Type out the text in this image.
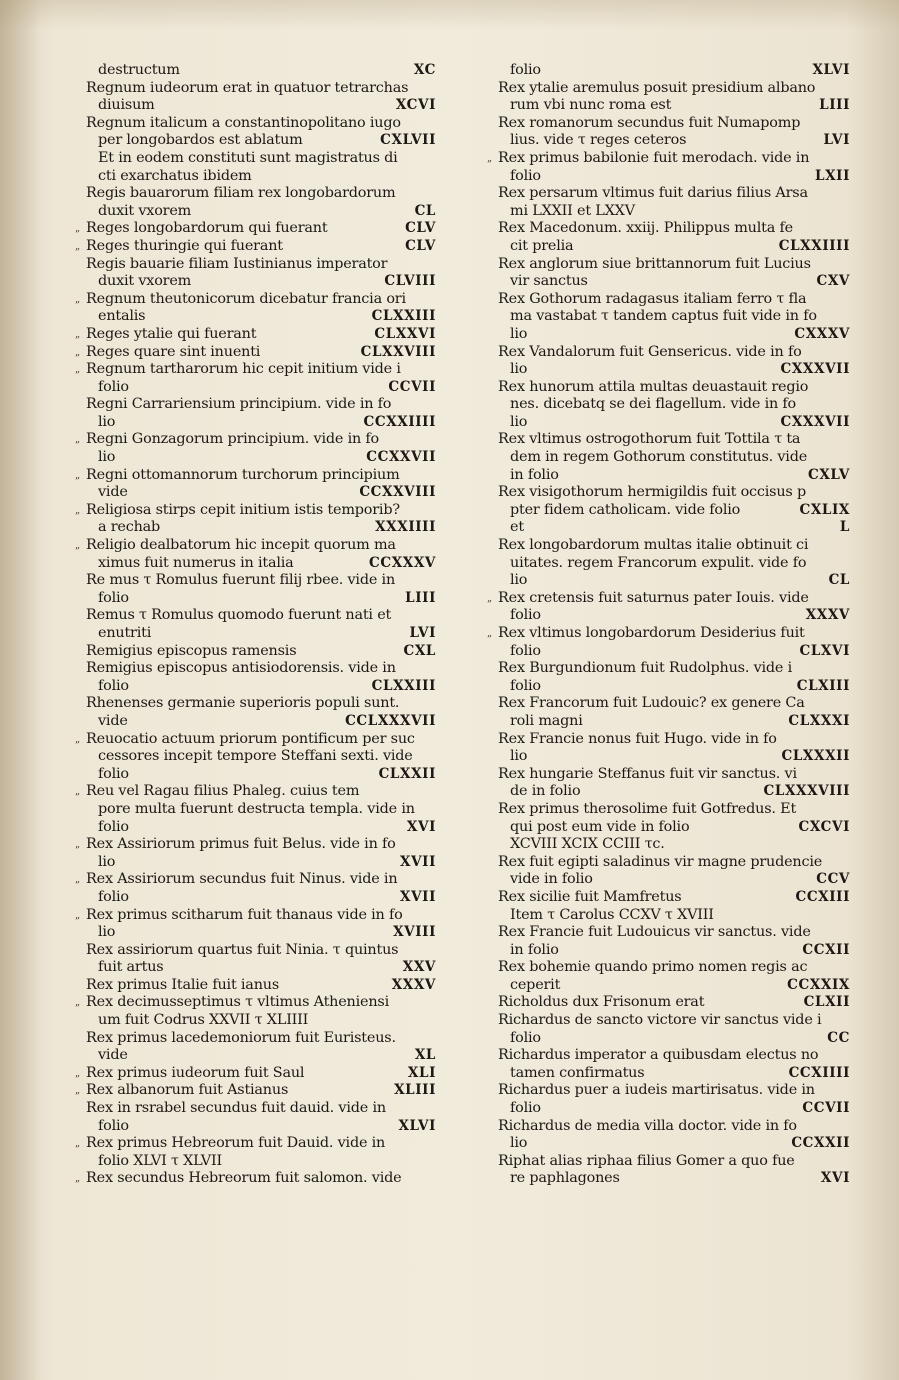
destructum	XC
Regnum iudeorum erat in quatuor tetrarchas
diuisum	XCVI
Regnum italicum a constantinopolitano iugo
per longobardos est ablatum	CXLVII
Et in eodem constituti sunt magistratus di
cti exarchatus ibidem
Regis bauarorum filiam rex longobardorum
duxit vxorem	CL
„ Reges longobardorum qui fuerant	CLV
„ Reges thuringie qui fuerant	CLV
Regis bauarie filiam Iustinianus imperator
duxit vxorem	CLVIII
„ Regnum theutonicorum dicebatur francia ori
entalis	CLXXIII
„ Reges ytalie qui fuerant	CLXXVI
„ Reges quare sint inuenti	CLXXVIII
„ Regnum tartharorum hic cepit initium vide i
folio	CCVII
Regni Carrariensium principium. vide in fo
lio	CCXXIIII
„ Regni Gonzagorum principium. vide in fo
lio	CCXXVII
„ Regni ottomannorum turchorum principium
vide	CCXXVIII
„ Religiosa stirps cepit initium istis temporib?
a rechab	XXXIIII
„ Religio dealbatorum hic incepit quorum ma
ximus fuit numerus in italia	CCXXXV
Re mus τ Romulus fuerunt filij rbee. vide in
folio	LIII
Remus τ Romulus quomodo fuerunt nati et
enutriti	LVI
Remigius episcopus ramensis	CXL
Remigius episcopus antisiodorensis. vide in
folio	CLXXIII
Rhenenses germanie superioris populi sunt.
vide	CCLXXXVII
„ Reuocatio actuum priorum pontificum per suc
cessores incepit tempore Steffani sexti. vide
folio	CLXXII
„ Reu vel Ragau filius Phaleg. cuius tem
pore multa fuerunt destructa templa. vide in
folio	XVI
„ Rex Assiriorum primus fuit Belus. vide in fo
lio	XVII
„ Rex Assiriorum secundus fuit Ninus. vide in
folio	XVII
„ Rex primus scitharum fuit thanaus vide in fo
lio	XVIII
Rex assiriorum quartus fuit Ninia. τ quintus
fuit artus	XXV
Rex primus Italie fuit ianus	XXXV
„ Rex decimusseptimus τ vltimus Atheniensi
um fuit Codrus XXVII τ XLIIII
Rex primus lacedemoniorum fuit Euristeus.
vide	XL
„ Rex primus iudeorum fuit Saul	XLI
„ Rex albanorum fuit Astianus	XLIII
Rex in rsrabel secundus fuit dauid. vide in
folio	XLVI
„ Rex primus Hebreorum fuit Dauid. vide in
folio XLVI τ XLVII
„ Rex secundus Hebreorum fuit salomon. vide
folio	XLVI
Rex ytalie aremulus posuit presidium albano
rum vbi nunc roma est	LIII
Rex romanorum secundus fuit Numapomp
lius. vide τ reges ceteros	LVI
„ Rex primus babilonie fuit merodach. vide in
folio	LXII
Rex persarum vltimus fuit darius filius Arsa
mi LXXII et LXXV
Rex Macedonum. xxiij. Philippus multa fe
cit prelia	CLXXIIII
Rex anglorum siue brittannorum fuit Lucius
vir sanctus	CXV
Rex Gothorum radagasus italiam ferro τ fla
ma vastabat τ tandem captus fuit vide in fo
lio	CXXXV
Rex Vandalorum fuit Gensericus. vide in fo
lio	CXXXVII
Rex hunorum attila multas deuastauit regio
nes. dicebatq se dei flagellum. vide in fo
lio	CXXXVII
Rex vltimus ostrogothorum fuit Tottila τ ta
dem in regem Gothorum constitutus. vide
in folio	CXLV
Rex visigothorum hermigildis fuit occisus p
pter fidem catholicam. vide folio	CXLIX
et	L
Rex longobardorum multas italie obtinuit ci
uitates. regem Francorum expulit. vide fo
lio	CL
„ Rex cretensis fuit saturnus pater Iouis. vide
folio	XXXV
„ Rex vltimus longobardorum Desiderius fuit
folio	CLXVI
Rex Burgundionum fuit Rudolphus. vide i
folio	CLXIII
Rex Francorum fuit Ludouic? ex genere Ca
roli magni	CLXXXI
Rex Francie nonus fuit Hugo. vide in fo
lio	CLXXXII
Rex hungarie Steffanus fuit vir sanctus. vi
de in folio	CLXXXVIII
Rex primus therosolime fuit Gotfredus. Et
qui post eum vide in folio	CXCVI
XCVIII XCIX CCIII τc.
Rex fuit egipti saladinus vir magne prudencie
vide in folio	CCV
Rex sicilie fuit Mamfretus	CCXIII
Item τ Carolus CCXV τ XVIII
Rex Francie fuit Ludouicus vir sanctus. vide
in folio	CCXII
Rex bohemie quando primo nomen regis ac
ceperit	CCXXIX
Richoldus dux Frisonum erat	CLXII
Richardus de sancto victore vir sanctus vide i
folio	CC
Richardus imperator a quibusdam electus no
tamen confirmatus	CCXIIII
Richardus puer a iudeis martirisatus. vide in
folio	CCVII
Richardus de media villa doctor. vide in fo
lio	CCXXII
Riphat alias riphaa filius Gomer a quo fue
re paphlagones	XVI
